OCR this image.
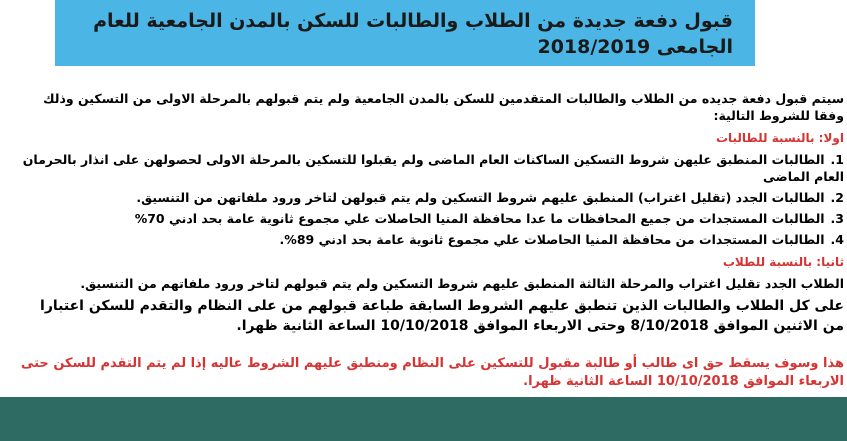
قبول دفعة جديدة من الطلاب والطالبات للسكن بالمدن الجامعية للعام
الجامعى 2018/2019

سيتم قبول دفعة جديده من الطلاب والطالبات المتقدمين للسكن بالمدن الجامعية ولم يتم قبولهم بالمرحلة الاولى من التسكين وذلك وفقا للشروط التالية:

اولا: بالنسبة للطالبات
1.الطالبات المنطبق عليهن شروط التسكين الساكنات العام الماضى ولم يقبلوا للتسكين بالمرحلة الاولى لحصولهن على انذار بالحرمان العام الماضى
2.الطالبات الجدد (تقليل اغتراب) المنطبق عليهم شروط التسكين ولم يتم قبولهن لتاخر ورود ملفاتهن من التنسيق.
3.الطالبات المستجدات من جميع المحافظات ما عدا محافظة المنيا الحاصلات علي مجموع ثانوية عامة بحد ادني 70%
4.الطالبات المستجدات من محافظة المنيا الحاصلات علي مجموع ثانوية عامة بحد ادني 89%.
ثانيا: بالنسبة للطلاب
الطلاب الجدد تقليل اغتراب والمرحلة الثالثة المنطبق عليهم شروط التسكين ولم يتم قبولهم لتاخر ورود ملفاتهم من التنسيق.
على كل الطلاب والطالبات الذين تنطبق عليهم الشروط السابقة طباعة قبولهم من على النظام والتقدم للسكن اعتبارا من الاثنين الموافق 8/10/2018 وحتى الاربعاء الموافق 10/10/2018 الساعة الثانية ظهرا.
هذا وسوف يسقط حق اى طالب أو طالبة مقبول للتسكين على النظام ومنطبق عليهم الشروط عاليه إذا لم يتم التقدم للسكن حتى الاربعاء الموافق 10/10/2018 الساعة الثانية ظهرا.
